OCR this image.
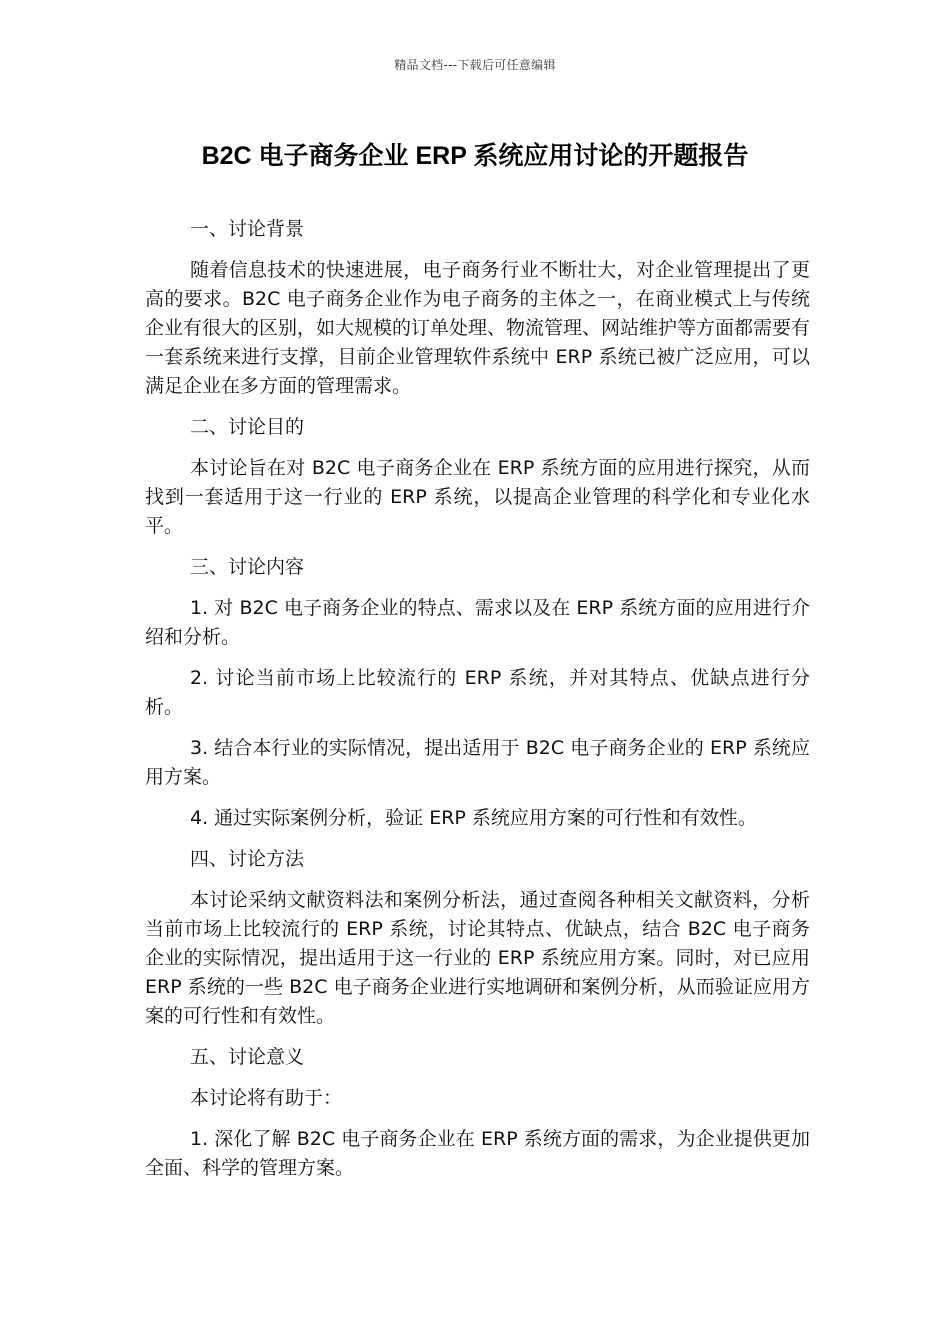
精品文档---下载后可任意编辑
B2C 电子商务企业 ERP 系统应用讨论的开题报告

一、讨论背景

随着信息技术的快速进展，电子商务行业不断壮大，对企业管理提出了更高的要求。B2C 电子商务企业作为电子商务的主体之一，在商业模式上与传统企业有很大的区别，如大规模的订单处理、物流管理、网站维护等方面都需要有一套系统来进行支撑，目前企业管理软件系统中 ERP 系统已被广泛应用，可以满足企业在多方面的管理需求。

二、讨论目的

本讨论旨在对 B2C 电子商务企业在 ERP 系统方面的应用进行探究，从而找到一套适用于这一行业的 ERP 系统，以提高企业管理的科学化和专业化水平。

三、讨论内容

1. 对 B2C 电子商务企业的特点、需求以及在 ERP 系统方面的应用进行介绍和分析。

2. 讨论当前市场上比较流行的 ERP 系统，并对其特点、优缺点进行分析。

3. 结合本行业的实际情况，提出适用于 B2C 电子商务企业的 ERP 系统应用方案。

4. 通过实际案例分析，验证 ERP 系统应用方案的可行性和有效性。

四、讨论方法

本讨论采纳文献资料法和案例分析法，通过查阅各种相关文献资料，分析当前市场上比较流行的 ERP 系统，讨论其特点、优缺点，结合 B2C 电子商务企业的实际情况，提出适用于这一行业的 ERP 系统应用方案。同时，对已应用 ERP 系统的一些 B2C 电子商务企业进行实地调研和案例分析，从而验证应用方案的可行性和有效性。

五、讨论意义

本讨论将有助于：

1. 深化了解 B2C 电子商务企业在 ERP 系统方面的需求，为企业提供更加全面、科学的管理方案。
